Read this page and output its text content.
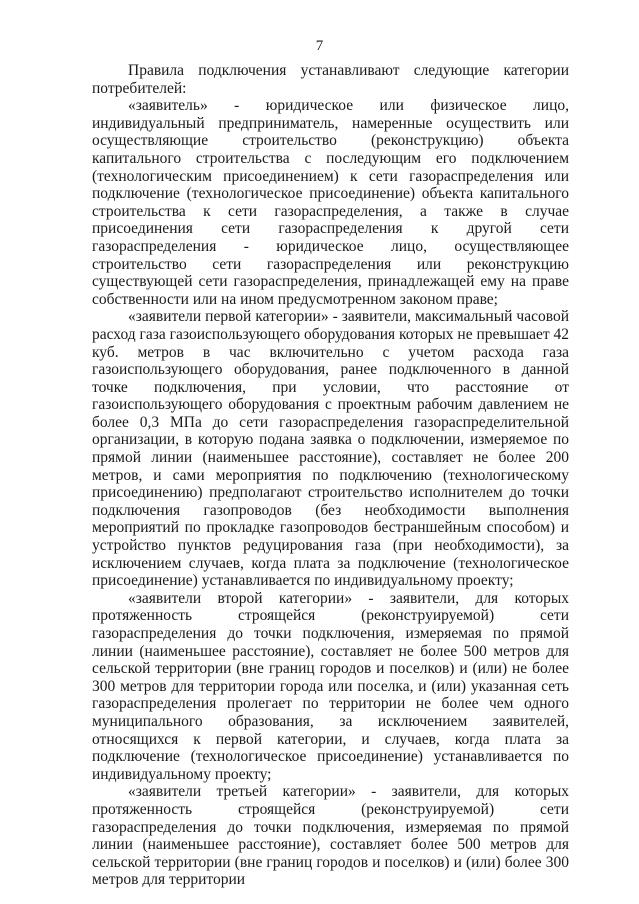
7

Правила подключения устанавливают следующие категории потребителей:

«заявитель» - юридическое или физическое лицо, индивидуальный предприниматель, намеренные осуществить или осуществляющие строительство (реконструкцию) объекта капитального строительства с последующим его подключением (технологическим присоединением) к сети газораспределения или подключение (технологическое присоединение) объекта капитального строительства к сети газораспределения, а также в случае присоединения сети газораспределения к другой сети газораспределения - юридическое лицо, осуществляющее строительство сети газораспределения или реконструкцию существующей сети газораспределения, принадлежащей ему на праве собственности или на ином предусмотренном законом праве;

«заявители первой категории» - заявители, максимальный часовой расход газа газоиспользующего оборудования которых не превышает 42 куб. метров в час включительно с учетом расхода газа газоиспользующего оборудования, ранее подключенного в данной точке подключения, при условии, что расстояние от газоиспользующего оборудования с проектным рабочим давлением не более 0,3 МПа до сети газораспределения газораспределительной организации, в которую подана заявка о подключении, измеряемое по прямой линии (наименьшее расстояние), составляет не более 200 метров, и сами мероприятия по подключению (технологическому присоединению) предполагают строительство исполнителем до точки подключения газопроводов (без необходимости выполнения мероприятий по прокладке газопроводов бестраншейным способом) и устройство пунктов редуцирования газа (при необходимости), за исключением случаев, когда плата за подключение (технологическое присоединение) устанавливается по индивидуальному проекту;

«заявители второй категории» - заявители, для которых протяженность строящейся (реконструируемой) сети газораспределения до точки подключения, измеряемая по прямой линии (наименьшее расстояние), составляет не более 500 метров для сельской территории (вне границ городов и поселков) и (или) не более 300 метров для территории города или поселка, и (или) указанная сеть газораспределения пролегает по территории не более чем одного муниципального образования, за исключением заявителей, относящихся к первой категории, и случаев, когда плата за подключение (технологическое присоединение) устанавливается по индивидуальному проекту;

«заявители третьей категории» - заявители, для которых протяженность строящейся (реконструируемой) сети газораспределения до точки подключения, измеряемая по прямой линии (наименьшее расстояние), составляет более 500 метров для сельской территории (вне границ городов и поселков) и (или) более 300 метров для территории
